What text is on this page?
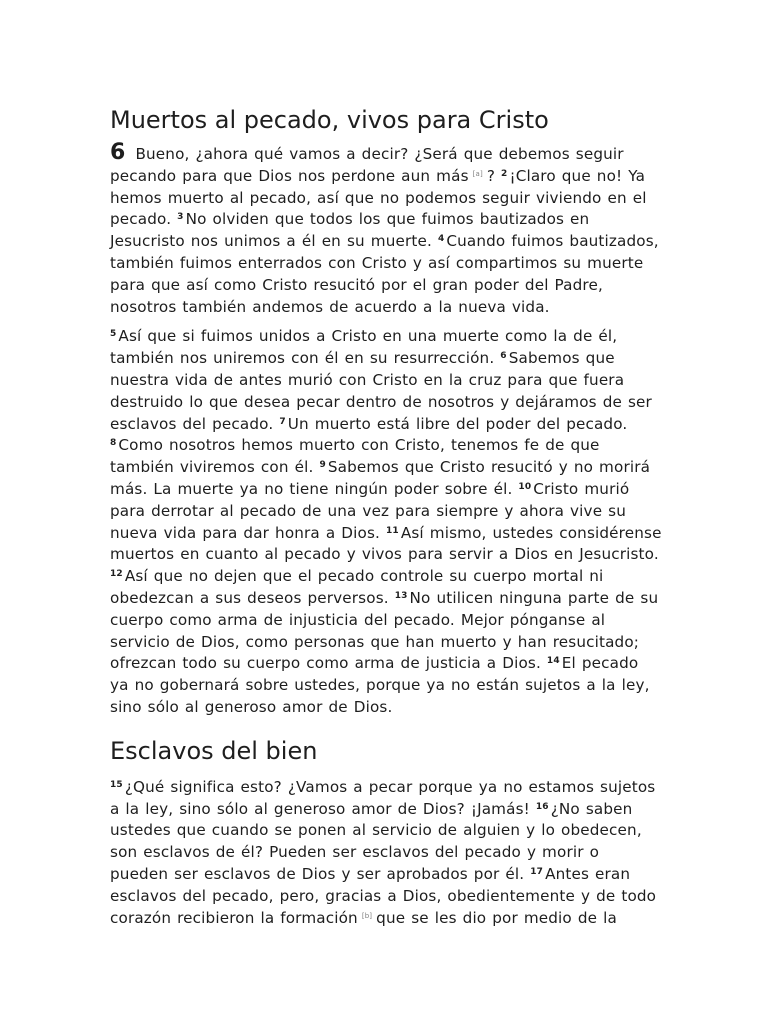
Muertos al pecado, vivos para Cristo

6 Bueno, ¿ahora qué vamos a decir? ¿Será que debemos seguir pecando para que Dios nos perdone aun más [a] ? $^2$ ¡Claro que no! Ya hemos muerto al pecado, así que no podemos seguir viviendo en el pecado. $^3$ No olviden que todos los que fuimos bautizados en Jesucristo nos unimos a él en su muerte. $^4$ Cuando fuimos bautizados, también fuimos enterrados con Cristo y así compartimos su muerte para que así como Cristo resucitó por el gran poder del Padre, nosotros también andemos de acuerdo a la nueva vida.

$^5$ Así que si fuimos unidos a Cristo en una muerte como la de él, también nos uniremos con él en su resurrección. $^6$ Sabemos que nuestra vida de antes murió con Cristo en la cruz para que fuera destruido lo que desea pecar dentro de nosotros y dejáramos de ser esclavos del pecado. $^7$ Un muerto está libre del poder del pecado. $^8$ Como nosotros hemos muerto con Cristo, tenemos fe de que también viviremos con él. $^9$ Sabemos que Cristo resucitó y no morirá más. La muerte ya no tiene ningún poder sobre él. $^{10}$ Cristo murió para derrotar al pecado de una vez para siempre y ahora vive su nueva vida para dar honra a Dios. $^{11}$ Así mismo, ustedes considérense muertos en cuanto al pecado y vivos para servir a Dios en Jesucristo. $^{12}$ Así que no dejen que el pecado controle su cuerpo mortal ni obedezcan a sus deseos perversos. $^{13}$ No utilicen ninguna parte de su cuerpo como arma de injusticia del pecado. Mejor pónganse al servicio de Dios, como personas que han muerto y han resucitado; ofrezcan todo su cuerpo como arma de justicia a Dios. $^{14}$ El pecado ya no gobernará sobre ustedes, porque ya no están sujetos a la ley, sino sólo al generoso amor de Dios.

Esclavos del bien

$^{15}$ ¿Qué significa esto? ¿Vamos a pecar porque ya no estamos sujetos a la ley, sino sólo al generoso amor de Dios? ¡Jamás! $^{16}$ ¿No saben ustedes que cuando se ponen al servicio de alguien y lo obedecen, son esclavos de él? Pueden ser esclavos del pecado y morir o pueden ser esclavos de Dios y ser aprobados por él. $^{17}$ Antes eran esclavos del pecado, pero, gracias a Dios, obedientemente y de todo corazón recibieron la formación [b] que se les dio por medio de la
